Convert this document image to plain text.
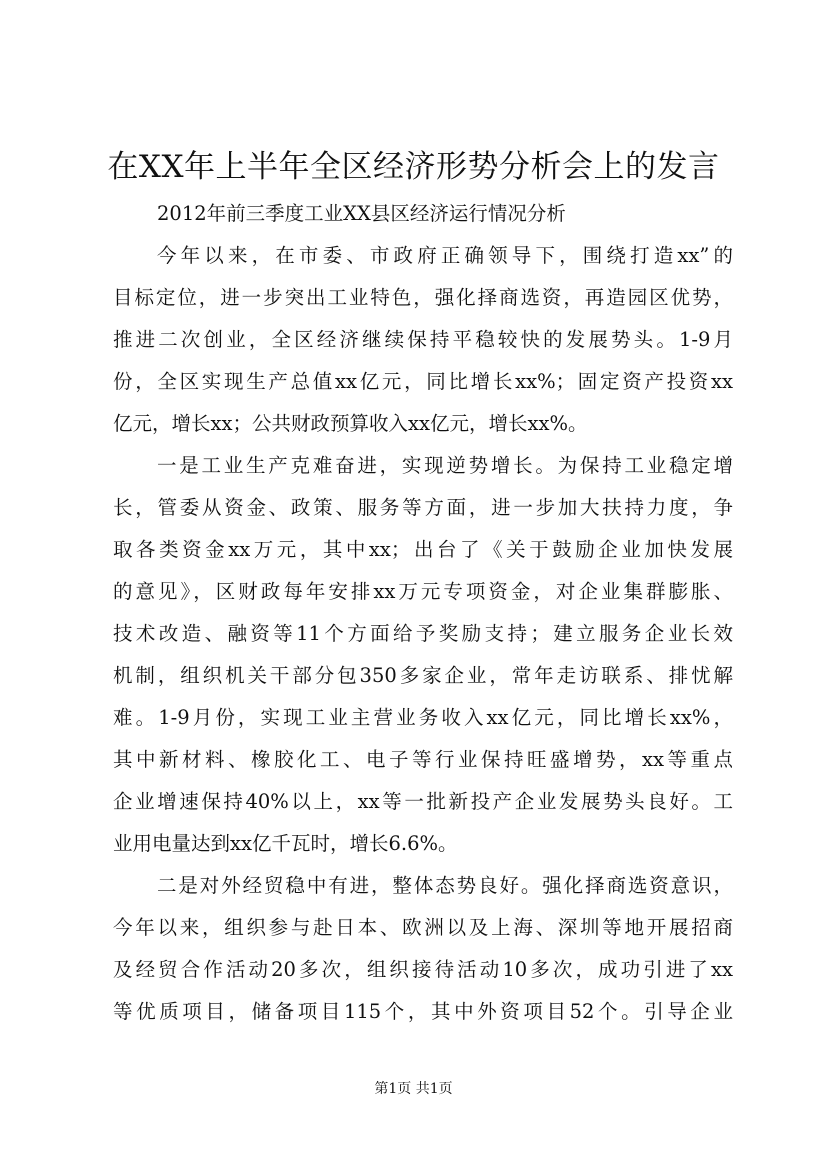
在XX年上半年全区经济形势分析会上的发言
2012年前三季度工业XX县区经济运行情况分析
今年以来，在市委、市政府正确领导下，围绕打造xx”的
目标定位，进一步突出工业特色，强化择商选资，再造园区优势，
推进二次创业，全区经济继续保持平稳较快的发展势头。1-9月
份，全区实现生产总值xx亿元，同比增长xx%；固定资产投资xx
亿元，增长xx；公共财政预算收入xx亿元，增长xx%。
一是工业生产克难奋进，实现逆势增长。为保持工业稳定增
长，管委从资金、政策、服务等方面，进一步加大扶持力度，争
取各类资金xx万元，其中xx；出台了《关于鼓励企业加快发展
的意见》，区财政每年安排xx万元专项资金，对企业集群膨胀、
技术改造、融资等11个方面给予奖励支持；建立服务企业长效
机制，组织机关干部分包350多家企业，常年走访联系、排忧解
难。1-9月份，实现工业主营业务收入xx亿元，同比增长xx%，
其中新材料、橡胶化工、电子等行业保持旺盛增势，xx等重点
企业增速保持40%以上，xx等一批新投产企业发展势头良好。工
业用电量达到xx亿千瓦时，增长6.6%。
二是对外经贸稳中有进，整体态势良好。强化择商选资意识，
今年以来，组织参与赴日本、欧洲以及上海、深圳等地开展招商
及经贸合作活动20多次，组织接待活动10多次，成功引进了xx
等优质项目，储备项目115个，其中外资项目52个。引导企业
第1页 共1页
